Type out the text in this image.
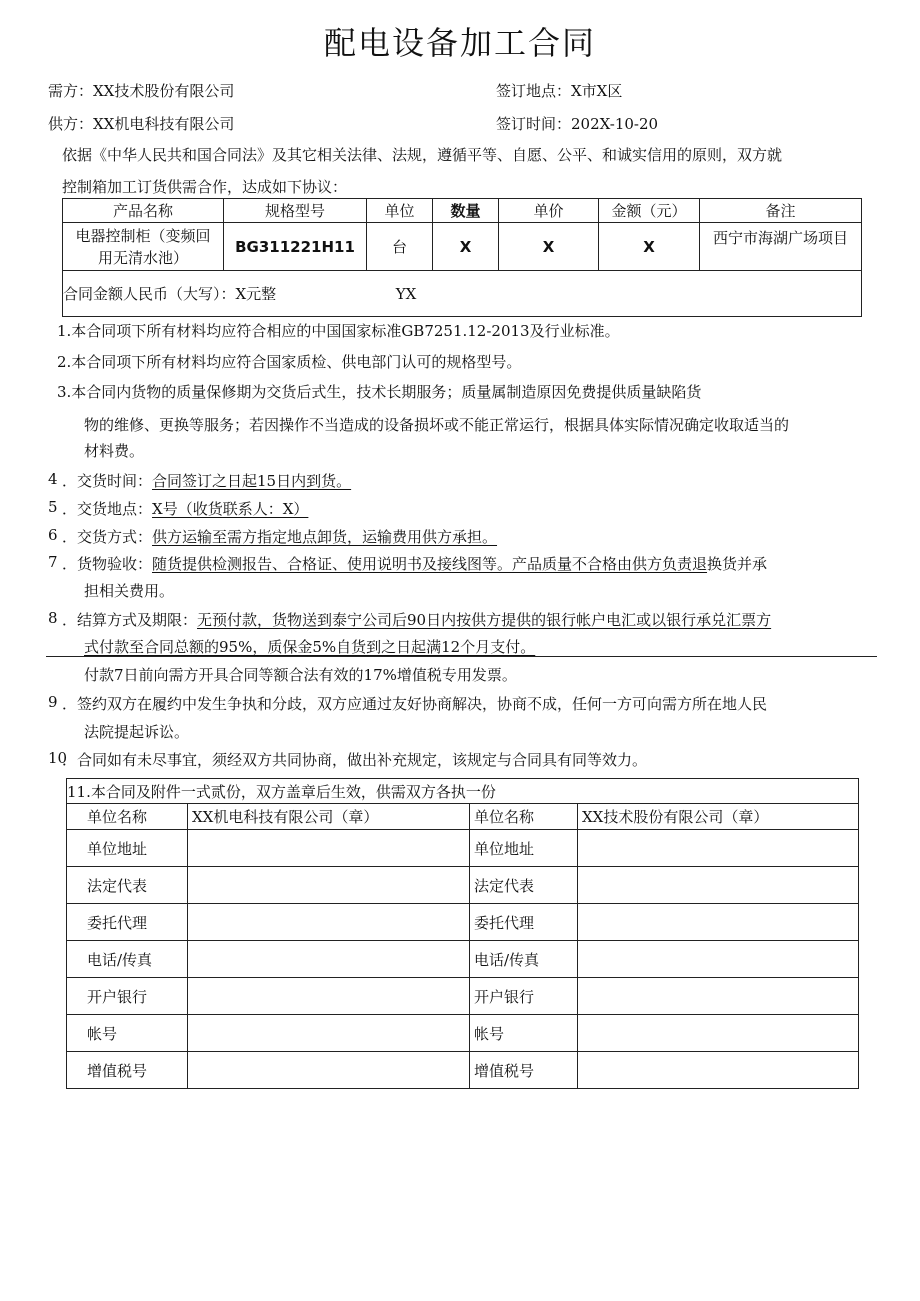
配电设备加工合同
需方：XX技术股份有限公司	签订地点：X市X区
供方：XX机电科技有限公司	签订时间：202X-10-20
依据《中华人民共和国合同法》及其它相关法律、法规，遵循平等、自愿、公平、和诚实信用的原则，双方就
控制箱加工订货供需合作，达成如下协议：
产品名称	规格型号	单位	数量	单价	金额（元）	备注

电器控制柜（变频回
用无清水池）	BG311221H11	台	X	X	X	西宁市海湖广场项目
合同金额人民币（大写）：X元整 YX						
1.本合同项下所有材料均应符合相应的中国国家标准GB7251.12-2013及行业标准。
2.本合同项下所有材料均应符合国家质检、供电部门认可的规格型号。
3.本合同内货物的质量保修期为交货后式生，技术长期服务；质量属制造原因免费提供质量缺陷货
物的维修、更换等服务；若因操作不当造成的设备损坏或不能正常运行，根据具体实际情况确定收取适当的
材料费。
4 ．交货时间：合同签订之日起15日内到货。
5 ．交货地点：X号（收货联系人：X）
6 ．交货方式：供方运输至需方指定地点卸货，运输费用供方承担。
7 ．货物验收：随货提供检测报告、合格证、使用说明书及接线图等。产品质量不合格由供方负责退换货并承
担相关费用。
8 ．结算方式及期限：无预付款，货物送到泰宁公司后90日内按供方提供的银行帐户电汇或以银行承兑汇票方
式付款至合同总额的95%，质保金5%自货到之日起满12个月支付。
付款7日前向需方开具合同等额合法有效的17%增值税专用发票。
9 ．签约双方在履约中发生争执和分歧，双方应通过友好协商解决，协商不成，任何一方可向需方所在地人民
法院提起诉讼。
10
．合同如有未尽事宜，须经双方共同协商，做出补充规定，该规定与合同具有同等效力。
11.本合同及附件一式贰份，双方盖章后生效，供需双方各执一份			
单位名称	XX机电科技有限公司（章）	单位名称	XX技术股份有限公司（章）
单位地址		单位地址	
法定代表		法定代表	
委托代理		委托代理	
电话/传真		电话/传真	
开户银行		开户银行	
帐号		帐号	
增值税号		增值税号	
